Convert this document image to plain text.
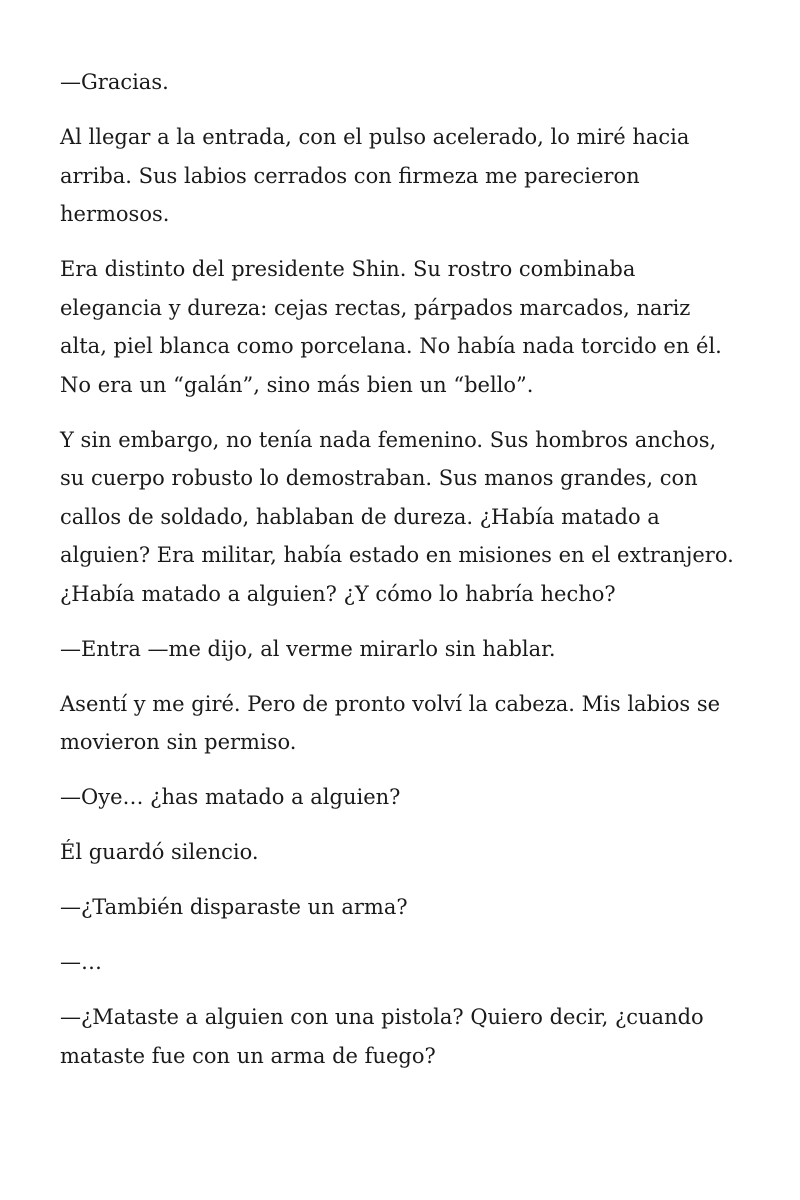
—Gracias.

Al llegar a la entrada, con el pulso acelerado, lo miré hacia arriba. Sus labios cerrados con firmeza me parecieron hermosos.

Era distinto del presidente Shin. Su rostro combinaba elegancia y dureza: cejas rectas, párpados marcados, nariz alta, piel blanca como porcelana. No había nada torcido en él. No era un “galán”, sino más bien un “bello”.

Y sin embargo, no tenía nada femenino. Sus hombros anchos, su cuerpo robusto lo demostraban. Sus manos grandes, con callos de soldado, hablaban de dureza. ¿Había matado a alguien? Era militar, había estado en misiones en el extranjero. ¿Había matado a alguien? ¿Y cómo lo habría hecho?

—Entra —me dijo, al verme mirarlo sin hablar.

Asentí y me giré. Pero de pronto volví la cabeza. Mis labios se movieron sin permiso.

—Oye… ¿has matado a alguien?

Él guardó silencio.

—¿También disparaste un arma?

—…

—¿Mataste a alguien con una pistola? Quiero decir, ¿cuando mataste fue con un arma de fuego?
